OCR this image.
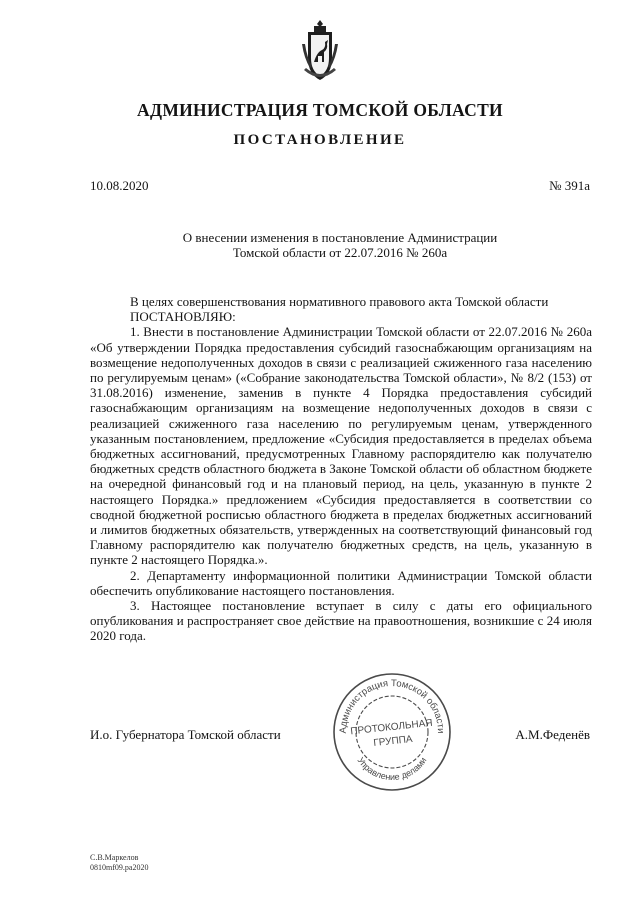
АДМИНИСТРАЦИЯ ТОМСКОЙ ОБЛАСТИ
ПОСТАНОВЛЕНИЕ
10.08.2020	№ 391а
О внесении изменения в постановление Администрации
Томской области от 22.07.2016 № 260а

В целях совершенствования нормативного правового акта Томской области

ПОСТАНОВЛЯЮ:

1. Внести в постановление Администрации Томской области от 22.07.2016 № 260а «Об утверждении Порядка предоставления субсидий газоснабжающим организациям на возмещение недополученных доходов в связи с реализацией сжиженного газа населению по регулируемым ценам» («Собрание законодательства Томской области», № 8/2 (153) от 31.08.2016) изменение, заменив в пункте 4 Порядка предоставления субсидий газоснабжающим организациям на возмещение недополученных доходов в связи с реализацией сжиженного газа населению по регулируемым ценам, утвержденного указанным постановлением, предложение «Субсидия предоставляется в пределах объема бюджетных ассигнований, предусмотренных Главному распорядителю как получателю бюджетных средств областного бюджета в Законе Томской области об областном бюджете на очередной финансовый год и на плановый период, на цель, указанную в пункте 2 настоящего Порядка.» предложением «Субсидия предоставляется в соответствии со сводной бюджетной росписью областного бюджета в пределах бюджетных ассигнований и лимитов бюджетных обязательств, утвержденных на соответствующий финансовый год Главному распорядителю как получателю бюджетных средств, на цель, указанную в пункте 2 настоящего Порядка.».

2. Департаменту информационной политики Администрации Томской области обеспечить опубликование настоящего постановления.

3. Настоящее постановление вступает в силу с даты его официального опубликования и распространяет свое действие на правоотношения, возникшие с 24 июля 2020 года.

И.о. Губернатора Томской области	А.М.Феденёв
Администрация Томской области
Управление делами
ПРОТОКОЛЬНАЯ
ГРУППА
С.В.Маркелов
0810mf09.ра2020
